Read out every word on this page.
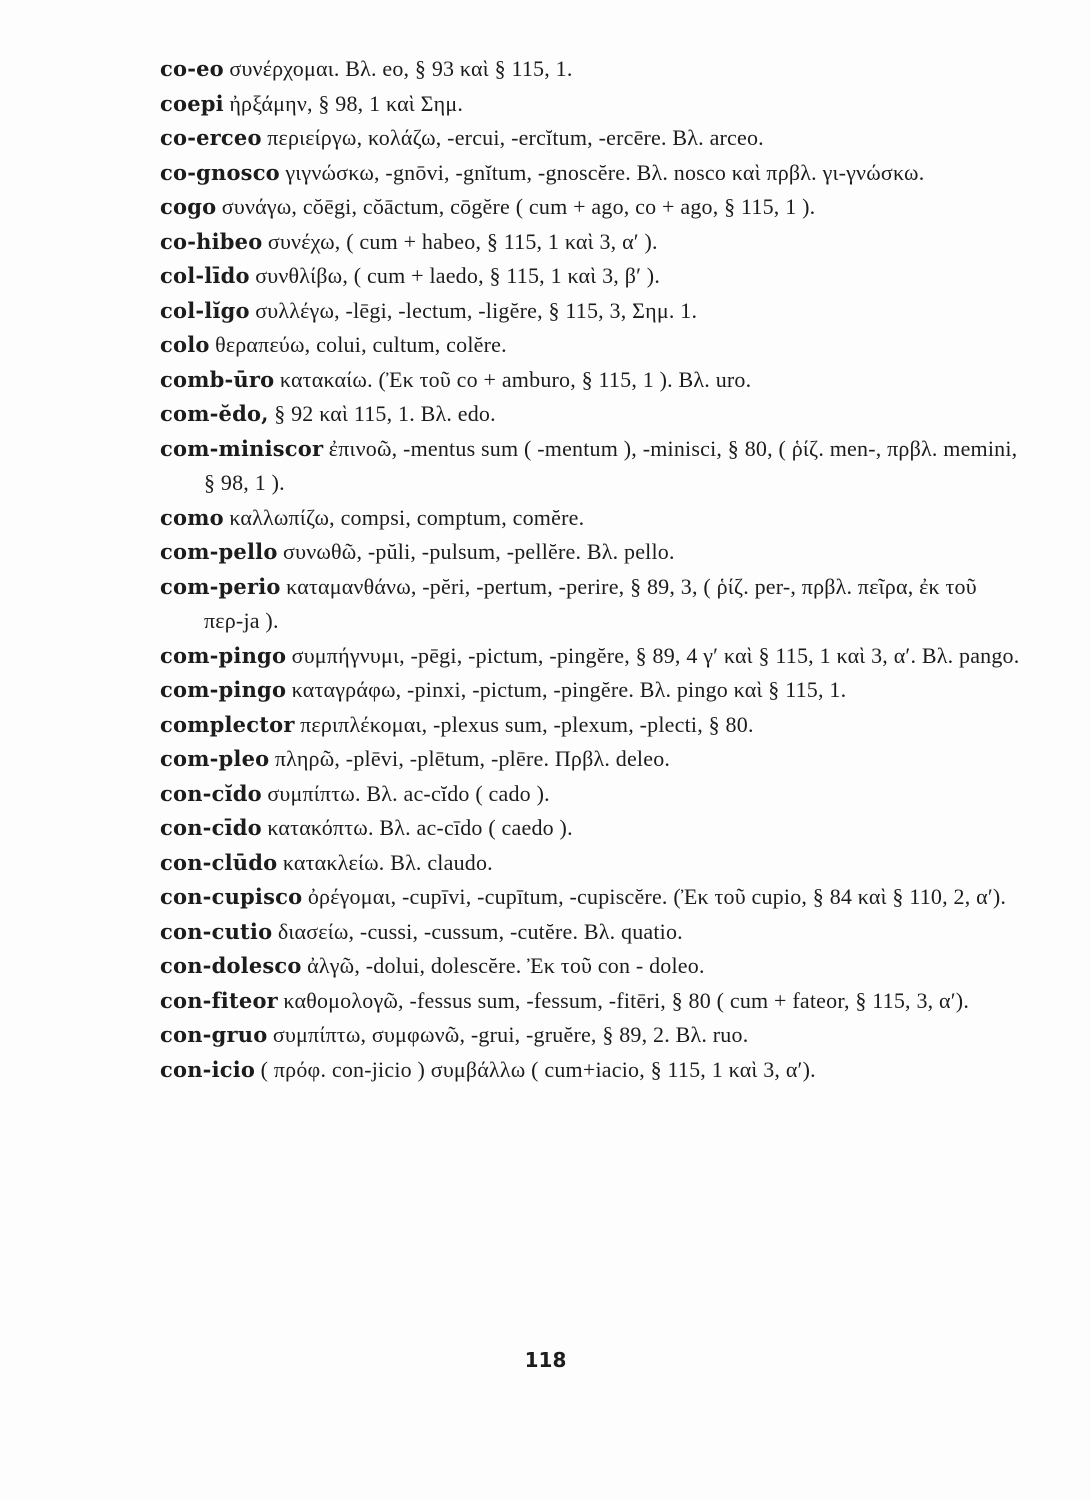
co-eo συνέρχομαι. Βλ. eo, § 93 καὶ § 115, 1.

coepi ἠρξάμην, § 98, 1 καὶ Σημ.

co-erceo περιείργω, κολάζω, -ercui, -ercĭtum, -ercēre. Βλ. arceo.

co-gnosco γιγνώσκω, -gnōvi, -gnĭtum, -gnoscĕre. Βλ. nosco καὶ πρβλ. γι-γνώσκω.

cogo συνάγω, cŏēgi, cŏāctum, cōgĕre ( cum + ago, co + ago, § 115, 1 ).

co-hibeo συνέχω, ( cum + habeo, § 115, 1 καὶ 3, α′ ).

col-līdo συνθλίβω, ( cum + laedo, § 115, 1 καὶ 3, β′ ).

col-lĭgo συλλέγω, -lēgi, -lectum, -ligĕre, § 115, 3, Σημ. 1.

colo θεραπεύω, colui, cultum, colĕre.

comb-ūro κατακαίω. (Ἐκ τοῦ co + amburo, § 115, 1 ). Βλ. uro.

com-ĕdo, § 92 καὶ 115, 1. Βλ. edo.

com-miniscor ἐπινοῶ, -mentus sum ( -mentum ), -minisci, § 80, ( ῥίζ. men-, πρβλ. memini, § 98, 1 ).

como καλλωπίζω, compsi, comptum, comĕre.

com-pello συνωθῶ, -pŭli, -pulsum, -pellĕre. Βλ. pello.

com-perio καταμανθάνω, -pĕri, -pertum, -perire, § 89, 3, ( ῥίζ. per-, πρβλ. πεῖρα, ἐκ τοῦ περ-ja ).

com-pingo συμπήγνυμι, -pēgi, -pictum, -pingĕre, § 89, 4 γ′ καὶ § 115, 1 καὶ 3, α′. Βλ. pango.

com-pingo καταγράφω, -pinxi, -pictum, -pingĕre. Βλ. pingo καὶ § 115, 1.

complector περιπλέκομαι, -plexus sum, -plexum, -plecti, § 80.

com-pleo πληρῶ, -plēvi, -plētum, -plēre. Πρβλ. deleo.

con-cĭdo συμπίπτω. Βλ. ac-cĭdo ( cado ).

con-cīdo κατακόπτω. Βλ. ac-cīdo ( caedo ).

con-clūdo κατακλείω. Βλ. claudo.

con-cupisco ὀρέγομαι, -cupīvi, -cupītum, -cupiscĕre. (Ἐκ τοῦ cupio, § 84 καὶ § 110, 2, α′).

con-cutio διασείω, -cussi, -cussum, -cutĕre. Βλ. quatio.

con-dolesco ἀλγῶ, -dolui, dolescĕre. Ἐκ τοῦ con - doleo.

con-fiteor καθομολογῶ, -fessus sum, -fessum, -fitēri, § 80 ( cum + fateor, § 115, 3, α′).

con-gruo συμπίπτω, συμφωνῶ, -grui, -gruĕre, § 89, 2. Βλ. ruo.

con-icio ( πρόφ. con-jicio ) συμβάλλω ( cum+iacio, § 115, 1 καὶ 3, α′).

118
